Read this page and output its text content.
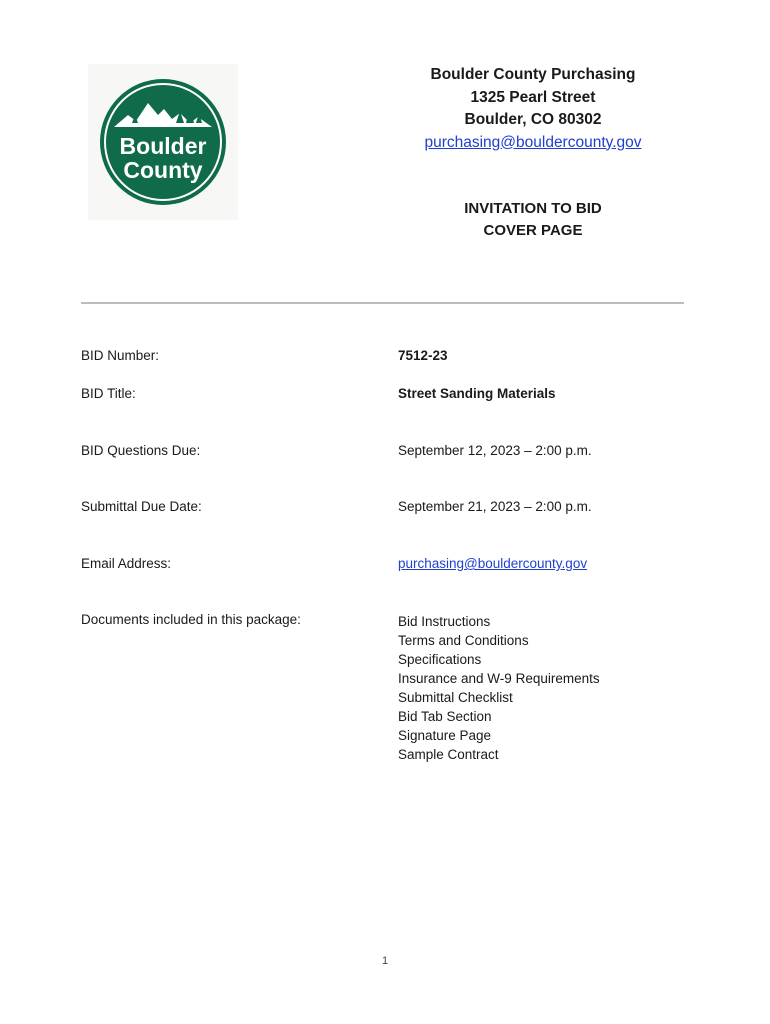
Boulder
County
Boulder County Purchasing
1325 Pearl Street
Boulder, CO 80302
purchasing@bouldercounty.gov
INVITATION TO BID
COVER PAGE
BID Number:	7512-23
BID Title:	Street Sanding Materials
BID Questions Due:	September 12, 2023 – 2:00 p.m.
Submittal Due Date:	September 21, 2023 – 2:00 p.m.
Email Address:	purchasing@bouldercounty.gov
Documents included in this package:	Bid Instructions
Terms and Conditions
Specifications
Insurance and W-9 Requirements
Submittal Checklist
Bid Tab Section
Signature Page
Sample Contract
1
